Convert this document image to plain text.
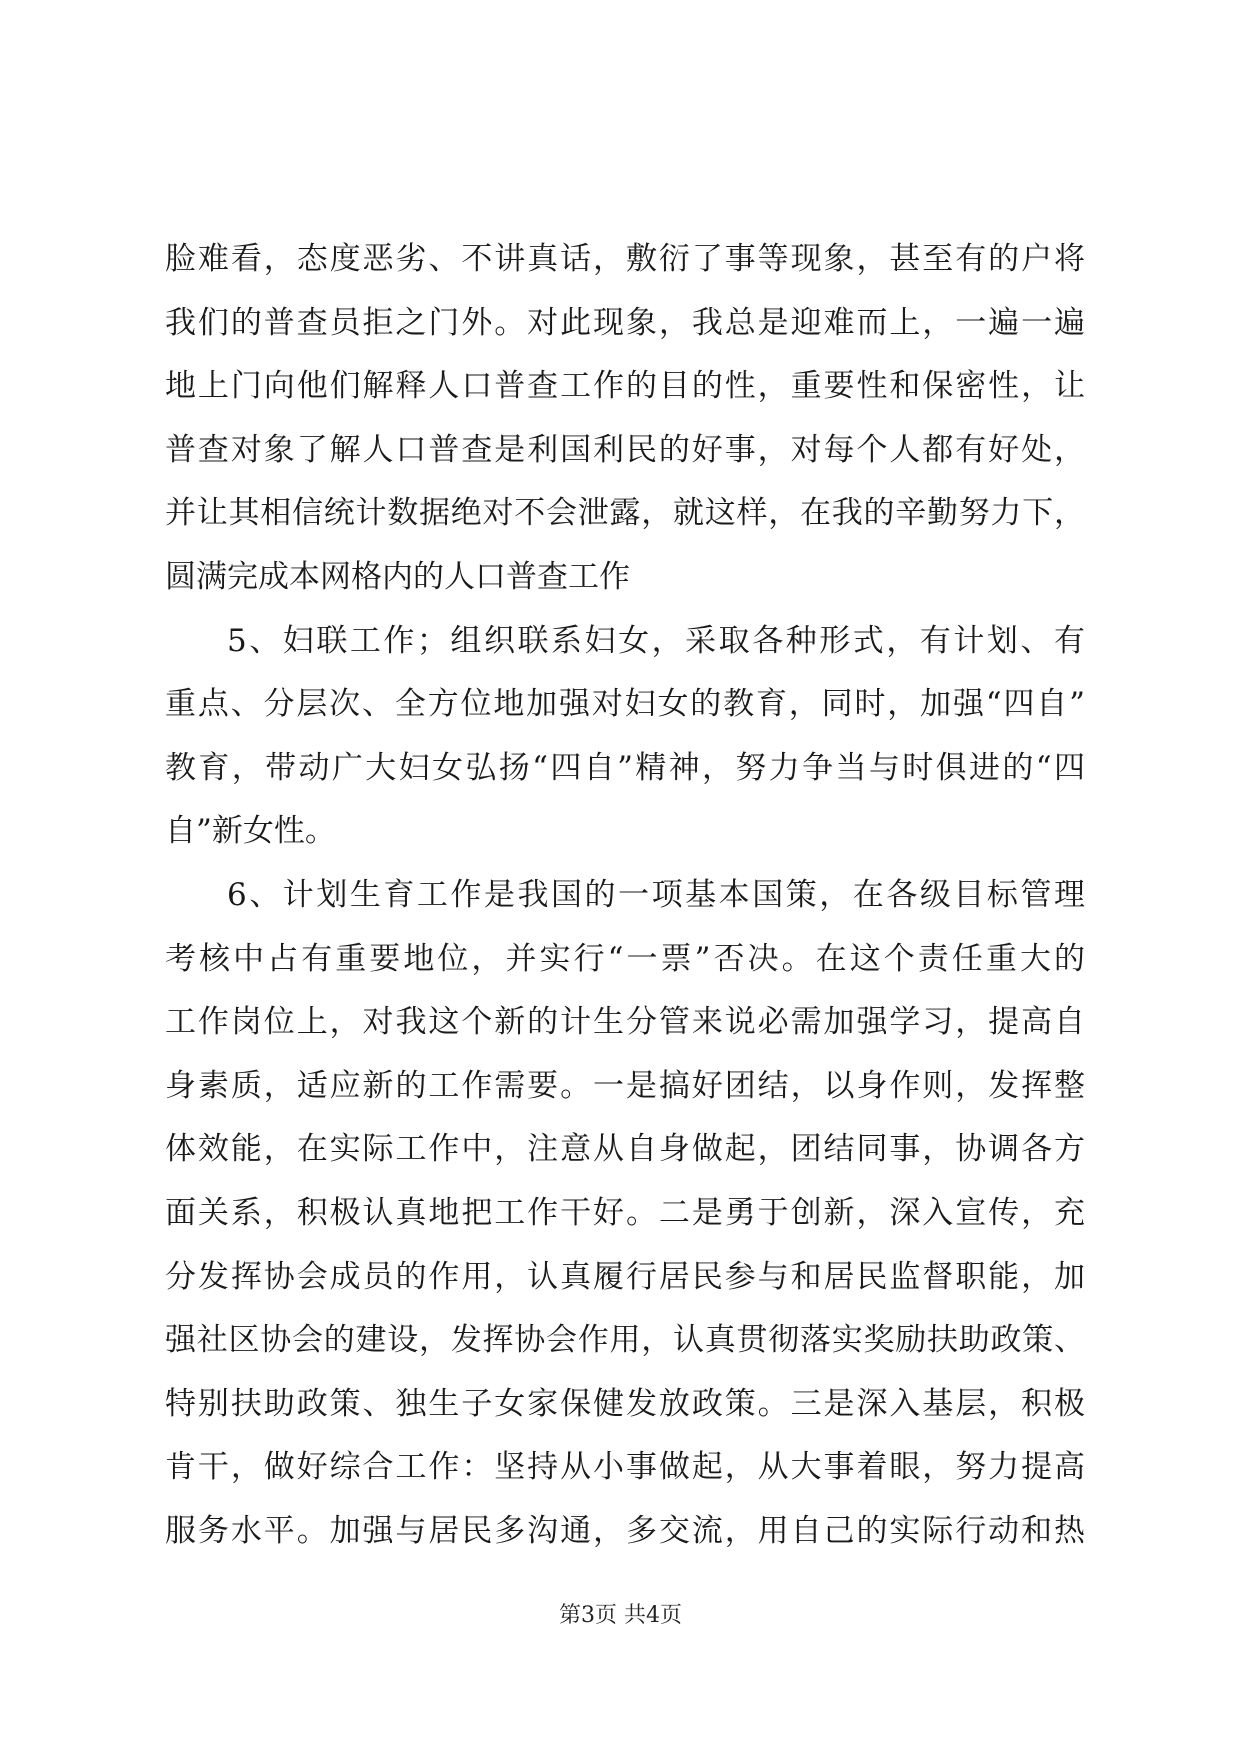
脸难看，态度恶劣、不讲真话，敷衍了事等现象，甚至有的户将
我们的普查员拒之门外。对此现象，我总是迎难而上，一遍一遍
地上门向他们解释人口普查工作的目的性，重要性和保密性，让
普查对象了解人口普查是利国利民的好事，对每个人都有好处，
并让其相信统计数据绝对不会泄露，就这样，在我的辛勤努力下，
圆满完成本网格内的人口普查工作
5、妇联工作；组织联系妇女，采取各种形式，有计划、有
重点、分层次、全方位地加强对妇女的教育，同时，加强“四自”
教育，带动广大妇女弘扬“四自”精神，努力争当与时俱进的“四
自”新女性。
6、计划生育工作是我国的一项基本国策，在各级目标管理
考核中占有重要地位，并实行“一票”否决。在这个责任重大的
工作岗位上，对我这个新的计生分管来说必需加强学习，提高自
身素质，适应新的工作需要。一是搞好团结，以身作则，发挥整
体效能，在实际工作中，注意从自身做起，团结同事，协调各方
面关系，积极认真地把工作干好。二是勇于创新，深入宣传，充
分发挥协会成员的作用，认真履行居民参与和居民监督职能，加
强社区协会的建设，发挥协会作用，认真贯彻落实奖励扶助政策、
特别扶助政策、独生子女家保健发放政策。三是深入基层，积极
肯干，做好综合工作：坚持从小事做起，从大事着眼，努力提高
服务水平。加强与居民多沟通，多交流，用自己的实际行动和热
第3页 共4页
